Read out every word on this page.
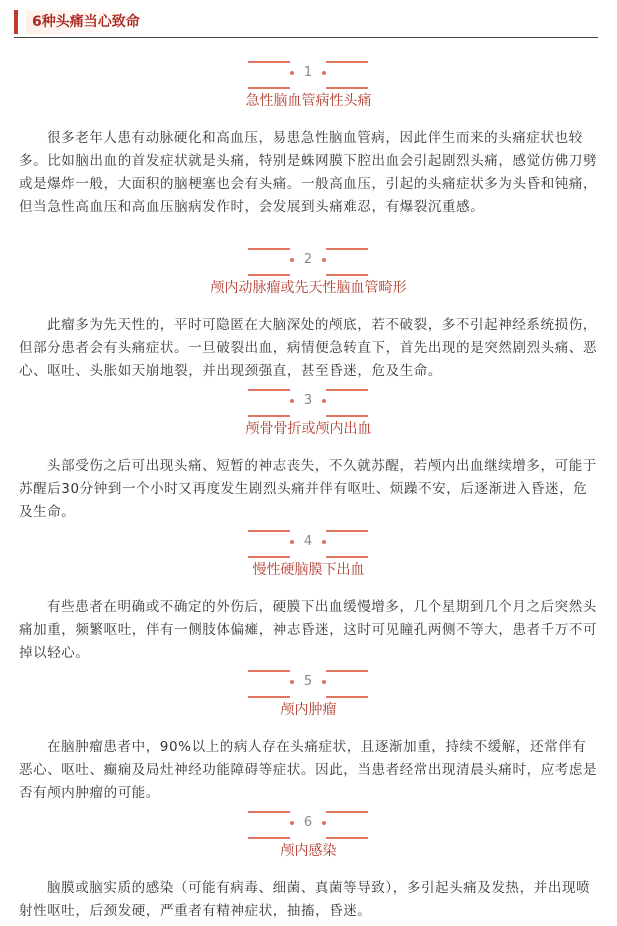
6种头痛当心致命
1
急性脑血管病性头痛

很多老年人患有动脉硬化和高血压，易患急性脑血管病，因此伴生而来的头痛症状也较多。比如脑出血的首发症状就是头痛，特别是蛛网膜下腔出血会引起剧烈头痛，感觉仿佛刀劈或是爆炸一般，大面积的脑梗塞也会有头痛。一般高血压，引起的头痛症状多为头昏和钝痛，但当急性高血压和高血压脑病发作时，会发展到头痛难忍，有爆裂沉重感。

2
颅内动脉瘤或先天性脑血管畸形

此瘤多为先天性的，平时可隐匿在大脑深处的颅底，若不破裂，多不引起神经系统损伤，但部分患者会有头痛症状。一旦破裂出血，病情便急转直下，首先出现的是突然剧烈头痛、恶心、呕吐、头胀如天崩地裂，并出现颈强直，甚至昏迷，危及生命。

3
颅骨骨折或颅内出血

头部受伤之后可出现头痛、短暂的神志丧失，不久就苏醒，若颅内出血继续增多，可能于苏醒后30分钟到一个小时又再度发生剧烈头痛并伴有呕吐、烦躁不安，后逐渐进入昏迷，危及生命。

4
慢性硬脑膜下出血

有些患者在明确或不确定的外伤后，硬膜下出血缓慢增多，几个星期到几个月之后突然头痛加重，频繁呕吐，伴有一侧肢体偏瘫，神志昏迷，这时可见瞳孔两侧不等大，患者千万不可掉以轻心。

5
颅内肿瘤

在脑肿瘤患者中，90%以上的病人存在头痛症状，且逐渐加重，持续不缓解，还常伴有恶心、呕吐、癫痫及局灶神经功能障碍等症状。因此，当患者经常出现清晨头痛时，应考虑是否有颅内肿瘤的可能。

6
颅内感染

脑膜或脑实质的感染（可能有病毒、细菌、真菌等导致），多引起头痛及发热，并出现喷射性呕吐，后颈发硬，严重者有精神症状，抽搐，昏迷。
